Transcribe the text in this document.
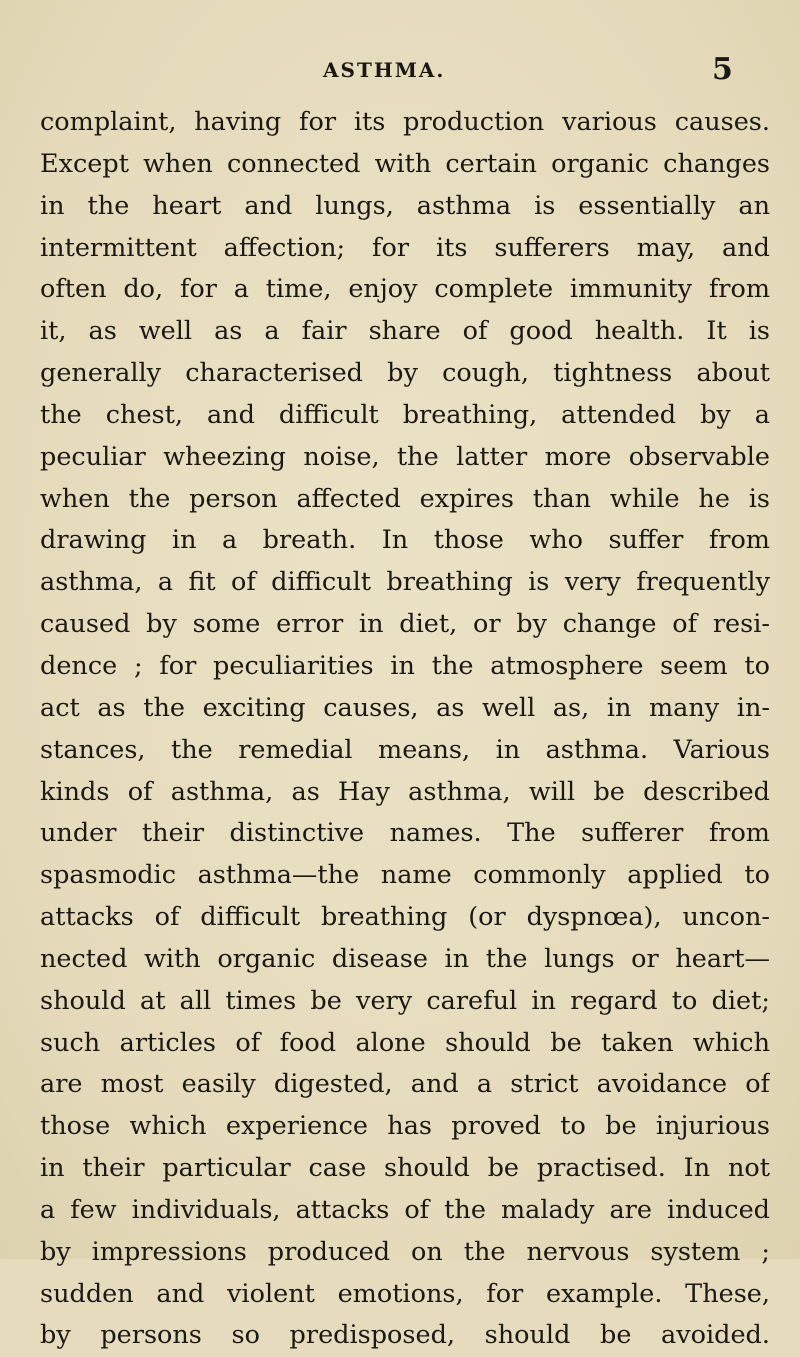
ASTHMA.	5
complaint, having for its production various causes.
Except when connected with certain organic changes
in the heart and lungs, asthma is essentially an
intermittent affection; for its sufferers may, and
often do, for a time, enjoy complete immunity from
it, as well as a fair share of good health. It is
generally characterised by cough, tightness about
the chest, and difficult breathing, attended by a
peculiar wheezing noise, the latter more observable
when the person affected expires than while he is
drawing in a breath. In those who suffer from
asthma, a fit of difficult breathing is very frequently
caused by some error in diet, or by change of resi-
dence ; for peculiarities in the atmosphere seem to
act as the exciting causes, as well as, in many in-
stances, the remedial means, in asthma. Various
kinds of asthma, as Hay asthma, will be described
under their distinctive names. The sufferer from
spasmodic asthma—the name commonly applied to
attacks of difficult breathing (or dyspnœa), uncon-
nected with organic disease in the lungs or heart—
should at all times be very careful in regard to diet;
such articles of food alone should be taken which
are most easily digested, and a strict avoidance of
those which experience has proved to be injurious
in their particular case should be practised. In not
a few individuals, attacks of the malady are induced
by impressions produced on the nervous system ;
sudden and violent emotions, for example. These,
by persons so predisposed, should be avoided.
